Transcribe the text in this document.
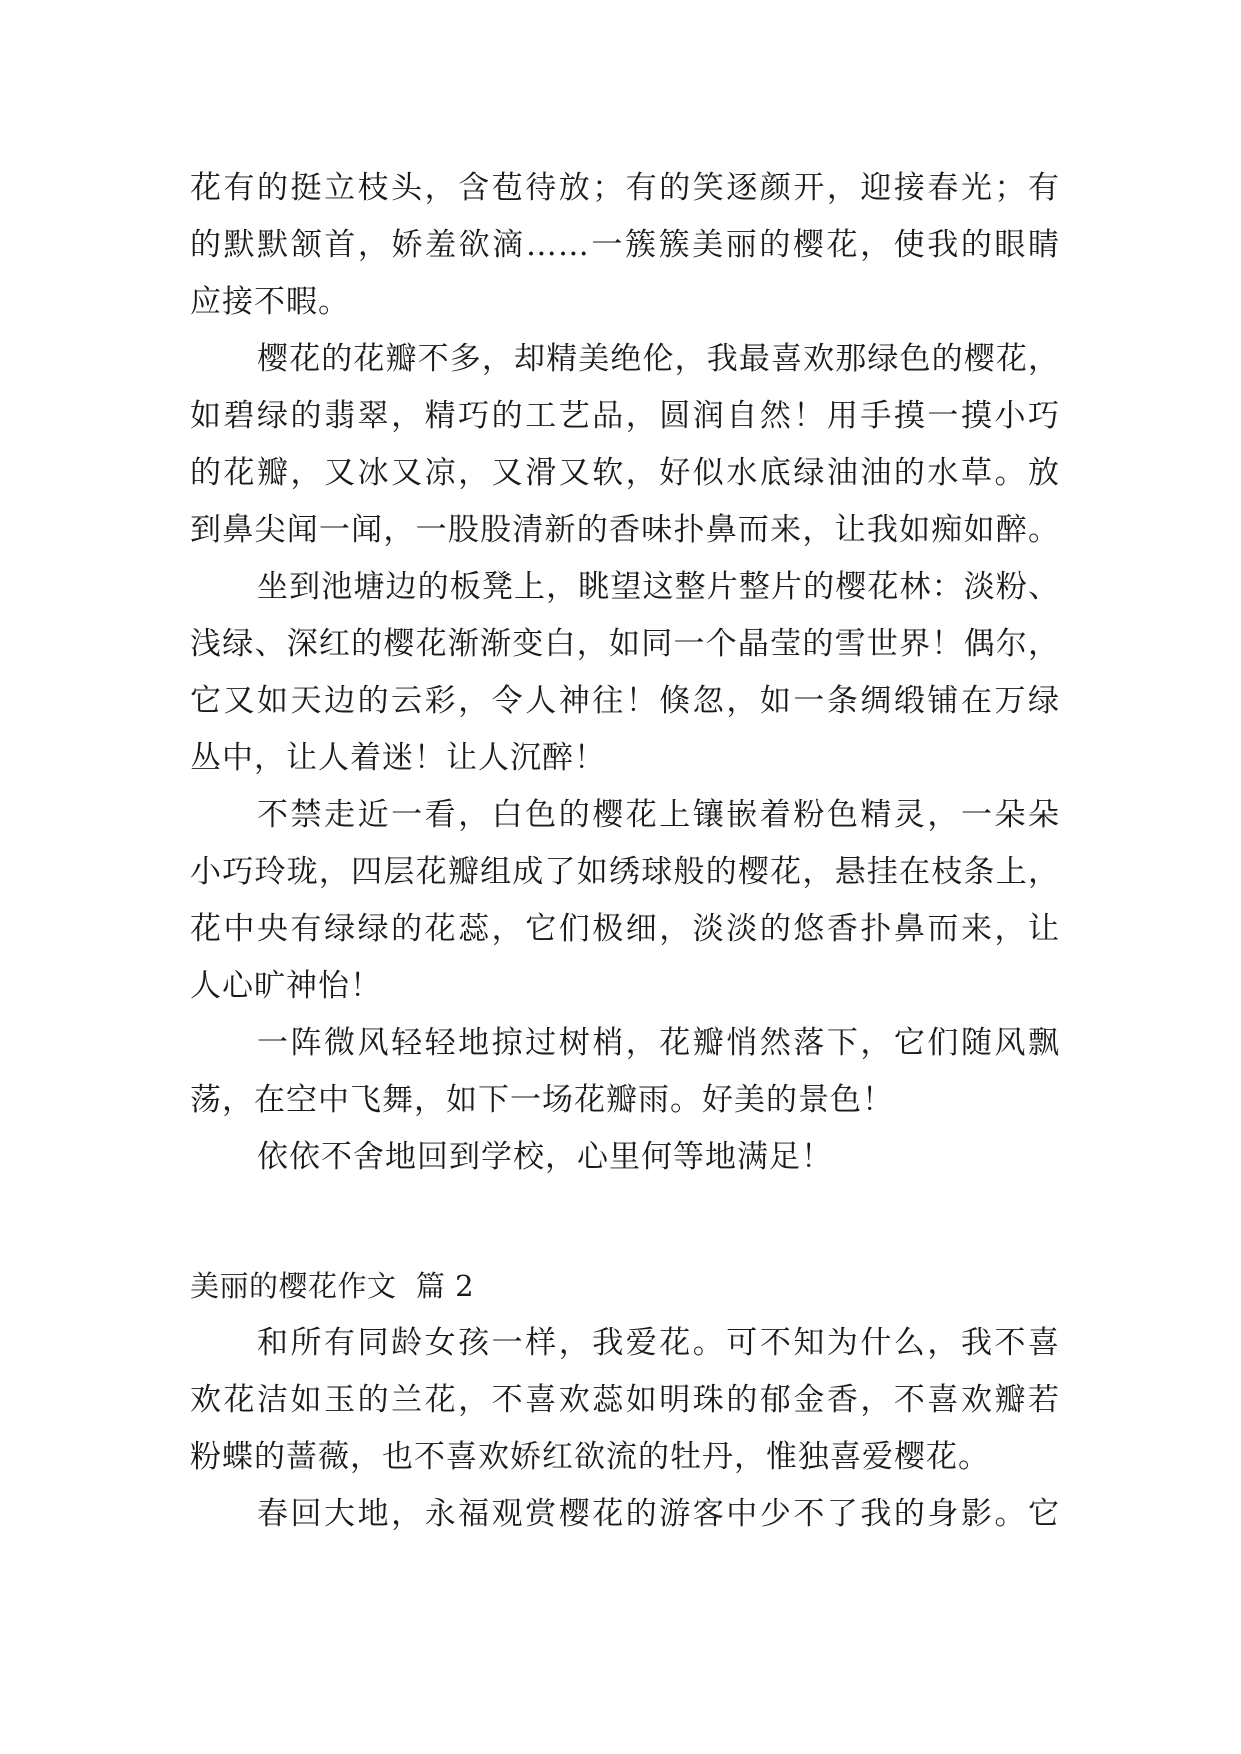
花有的挺立枝头，含苞待放；有的笑逐颜开，迎接春光；有
的默默颔首，娇羞欲滴……一簇簇美丽的樱花，使我的眼睛
应接不暇。
樱花的花瓣不多，却精美绝伦，我最喜欢那绿色的樱花，
如碧绿的翡翠，精巧的工艺品，圆润自然！用手摸一摸小巧
的花瓣，又冰又凉，又滑又软，好似水底绿油油的水草。放
到鼻尖闻一闻，一股股清新的香味扑鼻而来，让我如痴如醉。
坐到池塘边的板凳上，眺望这整片整片的樱花林：淡粉、
浅绿、深红的樱花渐渐变白，如同一个晶莹的雪世界！偶尔，
它又如天边的云彩，令人神往！倏忽，如一条绸缎铺在万绿
丛中，让人着迷！让人沉醉！
不禁走近一看，白色的樱花上镶嵌着粉色精灵，一朵朵
小巧玲珑，四层花瓣组成了如绣球般的樱花，悬挂在枝条上，
花中央有绿绿的花蕊，它们极细，淡淡的悠香扑鼻而来，让
人心旷神怡！
一阵微风轻轻地掠过树梢，花瓣悄然落下，它们随风飘
荡，在空中飞舞，如下一场花瓣雨。好美的景色！
依依不舍地回到学校，心里何等地满足！
美丽的樱花作文  篇 2
和所有同龄女孩一样，我爱花。可不知为什么，我不喜
欢花洁如玉的兰花，不喜欢蕊如明珠的郁金香，不喜欢瓣若
粉蝶的蔷薇，也不喜欢娇红欲流的牡丹，惟独喜爱樱花。
春回大地，永福观赏樱花的游客中少不了我的身影。它
